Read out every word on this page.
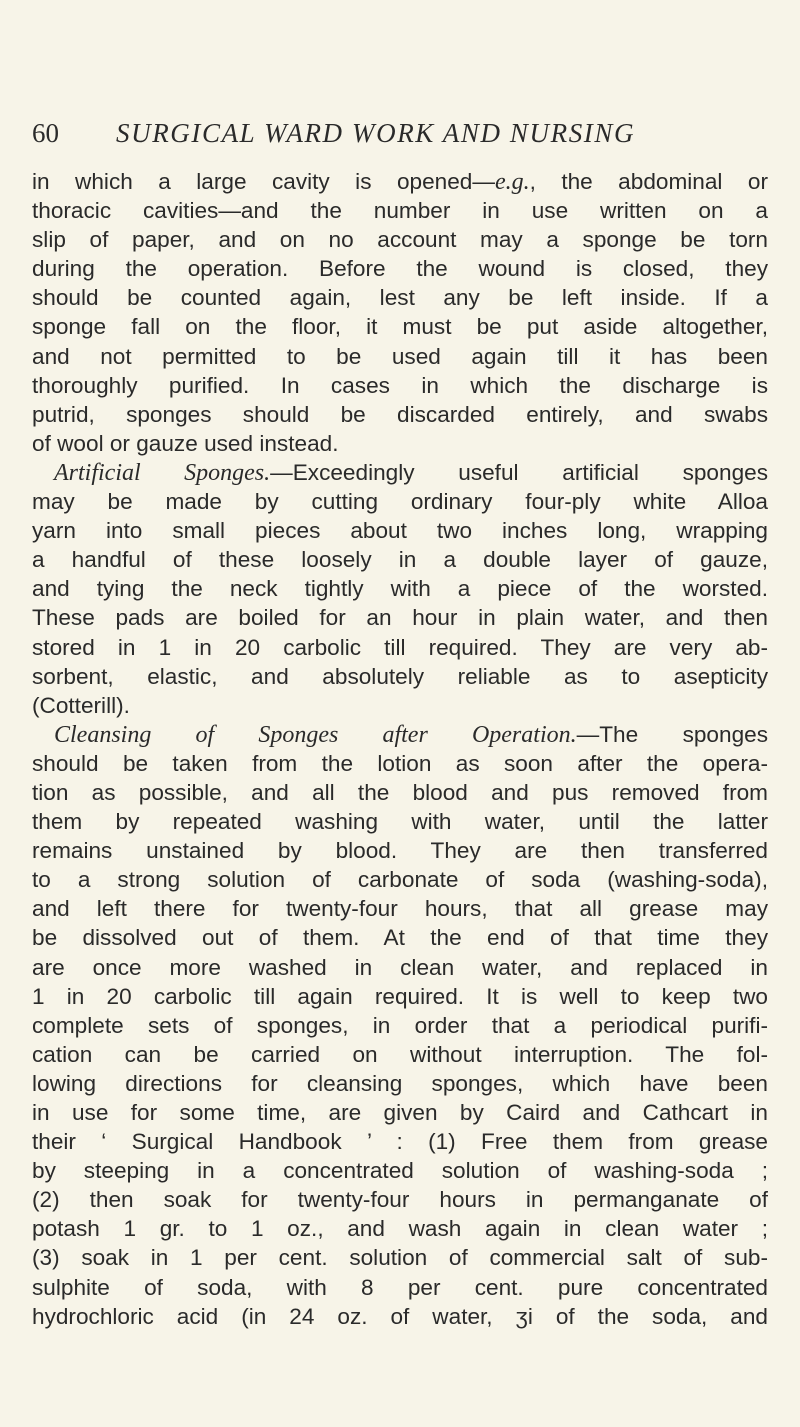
60 SURGICAL WARD WORK AND NURSING
in which a large cavity is opened—e.g., the abdominal or
thoracic cavities—and the number in use written on a
slip of paper, and on no account may a sponge be torn
during the operation. Before the wound is closed, they
should be counted again, lest any be left inside. If a
sponge fall on the floor, it must be put aside altogether,
and not permitted to be used again till it has been
thoroughly purified. In cases in which the discharge is
putrid, sponges should be discarded entirely, and swabs
of wool or gauze used instead.
Artificial Sponges.—Exceedingly useful artificial sponges
may be made by cutting ordinary four-ply white Alloa
yarn into small pieces about two inches long, wrapping
a handful of these loosely in a double layer of gauze,
and tying the neck tightly with a piece of the worsted.
These pads are boiled for an hour in plain water, and then
stored in 1 in 20 carbolic till required. They are very ab-
sorbent, elastic, and absolutely reliable as to asepticity
(Cotterill).
Cleansing of Sponges after Operation.—The sponges
should be taken from the lotion as soon after the opera-
tion as possible, and all the blood and pus removed from
them by repeated washing with water, until the latter
remains unstained by blood. They are then transferred
to a strong solution of carbonate of soda (washing-soda),
and left there for twenty-four hours, that all grease may
be dissolved out of them. At the end of that time they
are once more washed in clean water, and replaced in
1 in 20 carbolic till again required. It is well to keep two
complete sets of sponges, in order that a periodical purifi-
cation can be carried on without interruption. The fol-
lowing directions for cleansing sponges, which have been
in use for some time, are given by Caird and Cathcart in
their ‘ Surgical Handbook ’ : (1) Free them from grease
by steeping in a concentrated solution of washing-soda ;
(2) then soak for twenty-four hours in permanganate of
potash 1 gr. to 1 oz., and wash again in clean water ;
(3) soak in 1 per cent. solution of commercial salt of sub-
sulphite of soda, with 8 per cent. pure concentrated
hydrochloric acid (in 24 oz. of water, ʒi of the soda, and
